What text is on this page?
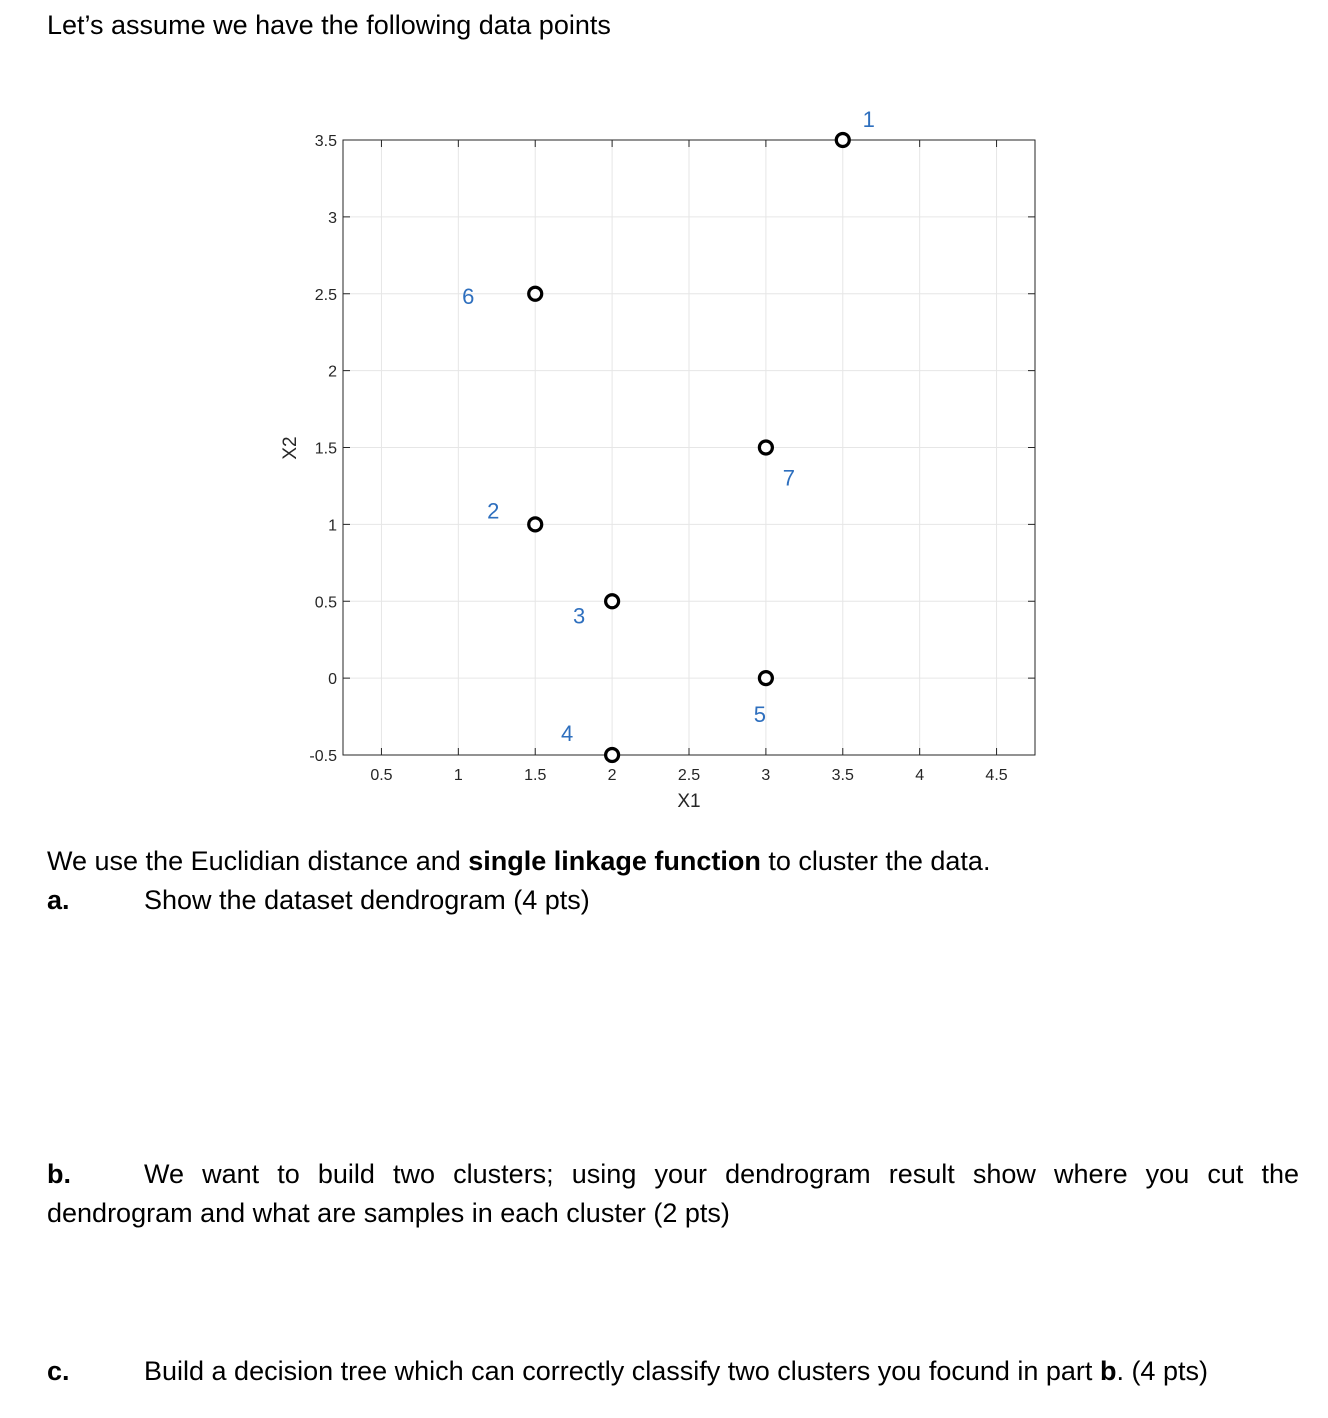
Let’s assume we have the following data points
0.5	1	1.5	2	2.5	3	3.5	4	4.5
-0.5
0
0.5
1
1.5
2
2.5
3
3.5
1
2
3
4
5
6
7
X1
X2
We use the Euclidian distance and single linkage function to cluster the data.
a.	Show the dataset dendrogram (4 pts)
b.	We want to build two clusters; using your dendrogram result show where you cut the dendrogram and what are samples in each cluster (2 pts)
c.	Build a decision tree which can correctly classify two clusters you focund in part b. (4 pts)
